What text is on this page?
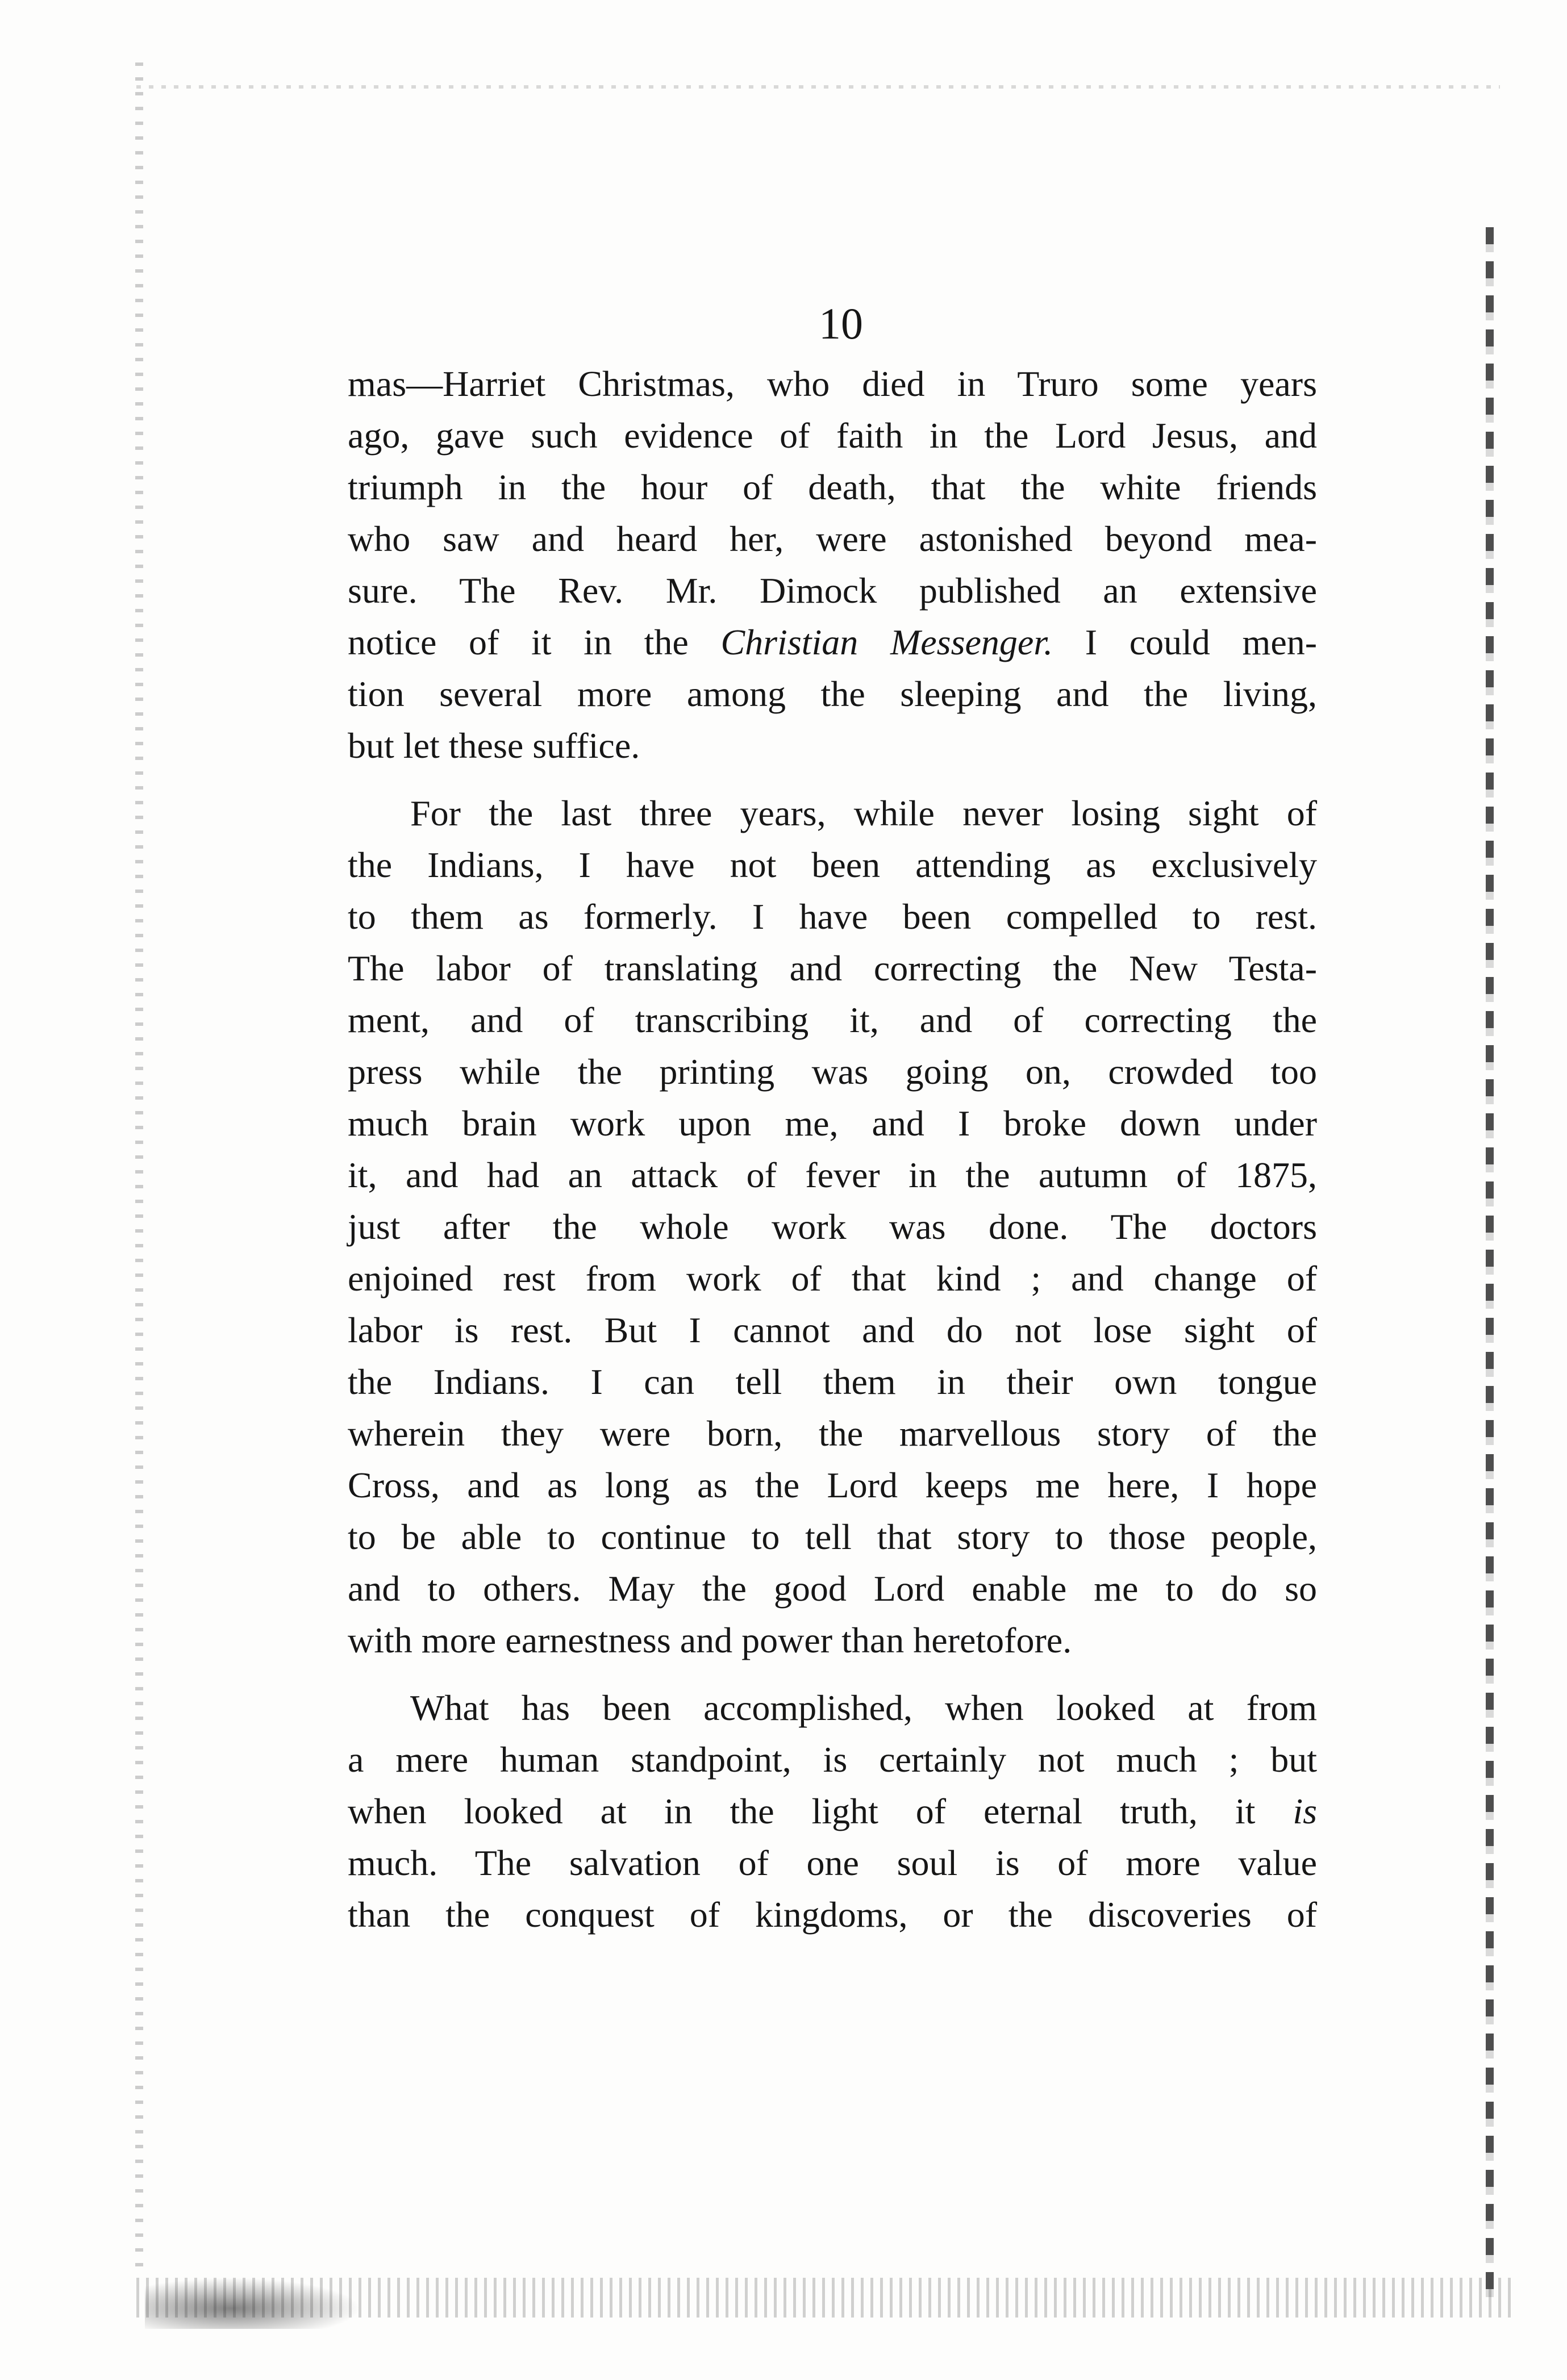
10
mas—Harriet Christmas, who died in Truro some years
ago, gave such evidence of faith in the Lord Jesus, and
triumph in the hour of death, that the white friends
who saw and heard her, were astonished beyond mea-
sure. The Rev. Mr. Dimock published an extensive
notice of it in the Christian Messenger. I could men-
tion several more among the sleeping and the living,
but let these suffice.
For the last three years, while never losing sight of
the Indians, I have not been attending as exclusively
to them as formerly. I have been compelled to rest.
The labor of translating and correcting the New Testa-
ment, and of transcribing it, and of correcting the
press while the printing was going on, crowded too
much brain work upon me, and I broke down under
it, and had an attack of fever in the autumn of 1875,
just after the whole work was done. The doctors
enjoined rest from work of that kind ; and change of
labor is rest. But I cannot and do not lose sight of
the Indians. I can tell them in their own tongue
wherein they were born, the marvellous story of the
Cross, and as long as the Lord keeps me here, I hope
to be able to continue to tell that story to those people,
and to others. May the good Lord enable me to do so
with more earnestness and power than heretofore.
What has been accomplished, when looked at from
a mere human standpoint, is certainly not much ; but
when looked at in the light of eternal truth, it is
much. The salvation of one soul is of more value
than the conquest of kingdoms, or the discoveries of
